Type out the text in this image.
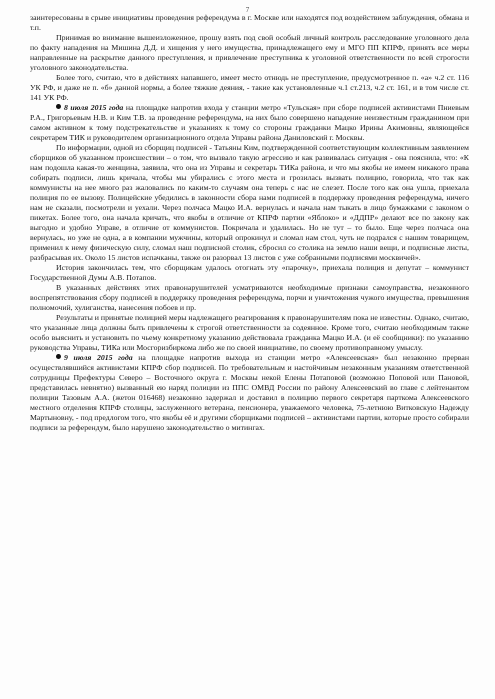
7

заинтересованы в срыве инициативы проведения референдума в г. Москве или находятся под воздействием заблуждения, обмана и т.п.

Принимая во внимание вышеизложенное, прошу взять под свой особый личный контроль расследование уголовного дела по факту нападения на Мишина Д.Д. и хищения у него имущества, принадлежащего ему и МГО ПП КПРФ, принять все меры направленные на раскрытие данного преступления, и привлечение преступника к уголовной ответственности по всей строгости уголовного законодательства.

Более того, считаю, что в действиях напавшего, имеет место отнюдь не преступление, предусмотренное п. «а» ч.2 ст. 116 УК РФ, и даже не п. «б» данной нормы, а более тяжкие деяния, - такие как установленные ч.1 ст.213, ч.2 ст. 161, и в том числе ст. 141 УК РФ.

8 июля 2015 года на площадке напротив входа у станции метро «Тульская» при сборе подписей активистами Пниевым Р.А., Григорьевым Н.В. и Ким Т.В. за проведение референдума, на них было совершено нападение неизвестным гражданином при самом активном к тому подстрекательстве и указаниях к тому со стороны гражданки Мацко Ирины Акимовны, являющейся секретарем ТИК и руководителем организационного отдела Управы района Даниловский г. Москвы.

По информации, одной из сборщиц подписей - Татьяны Ким, подтвержденной соответствующим коллективным заявлением сборщиков об указанном происшествии – о том, что вызвало такую агрессию и как развивалась ситуация - она пояснила, что: «К нам подошла какая-то женщина, заявила, что она из Управы и секретарь ТИКа района, и что мы якобы не имеем никакого права собирать подписи, лишь кричала, чтобы мы убирались с этого места и грозилась вызвать полицию, говорила, что так как коммунисты на нее много раз жаловались по каким-то случаям она теперь с нас не слезет. После того как она ушла, приехала полиция по ее вызову. Полицейские убедились в законности сбора нами подписей в поддержку проведения референдума, ничего нам не сказали, посмотрели и уехали. Через полчаса Мацко И.А. вернулась и начала нам тыкать в лицо бумажками с законом о пикетах. Более того, она начала кричать, что якобы в отличие от КПРФ партии «Яблоко» и «ДДПР» делают все по закону как выгодно и удобно Управе, в отличие от коммунистов. Покричала и удалилась. Но не тут – то было. Еще через полчаса она вернулась, но уже не одна, а в компании мужчины, который опрокинул и сломал нам стол, чуть не подрался с нашим товарищем, применил к нему физическую силу, сломал наш подписной столик, сбросил со столика на землю наши вещи, и подписные листы, разбрасывая их. Около 15 листов испачканы, также он разорвал 13 листов с уже собранными подписями москвичей».

История закончилась тем, что сборщикам удалось отогнать эту «парочку», приехала полиция и депутат – коммунист Государственной Думы А.В. Потапов.

В указанных действиях этих правонарушителей усматриваются необходимые признаки самоуправства, незаконного воспрепятствования сбору подписей в поддержку проведения референдума, порчи и уничтожения чужого имущества, превышения полномочий, хулиганства, нанесения побоев и пр.

Результаты и принятые полицией меры надлежащего реагирования к правонарушителям пока не известны. Однако, считаю, что указанные лица должны быть привлечены к строгой ответственности за содеянное. Кроме того, считаю необходимым также особо выяснить и установить по чьему конкретному указанию действовала гражданка Мацко И.А. (и её сообщники): по указанию руководства Управы, ТИКа или Мосгоризбиркома либо же по своей инициативе, по своему противоправному умыслу.

9 июля 2015 года на площадке напротив выхода из станции метро «Алексеевская» был незаконно прерван осуществлявшийся активистами КПРФ сбор подписей. По требовательным и настойчивым незаконным указаниям ответственной сотрудницы Префектуры Северо – Восточного округа г. Москвы некой Елены Потаповой (возможно Поповой или Пановой, представилась невнятно) вызванный ею наряд полиции из ППС ОМВД России по району Алексеевский во главе с лейтенантом полиции Тазовым А.А. (жетон 016468) незаконно задержал и доставил в полицию первого секретаря парткома Алексеевского местного отделения КПРФ столицы, заслуженного ветерана, пенсионера, уважаемого человека, 75-летнюю Витковскую Надежду Мартыновну, - под предлогом того, что якобы её и другими сборщиками подписей – активистами партии, которые просто собирали подписи за референдум, было нарушено законодательство о митингах.
